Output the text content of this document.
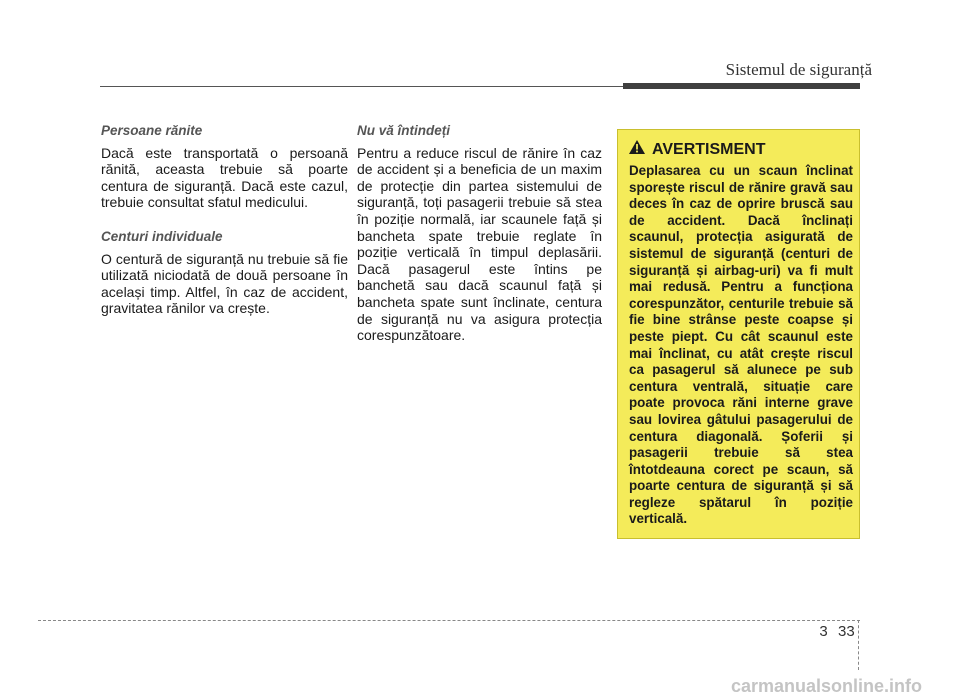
Sistemul de siguranță
Persoane rănite
Dacă este transportată o persoană rănită, aceasta trebuie să poarte centura de siguranță. Dacă este cazul, trebuie consultat sfatul medicului.
Centuri individuale
O centură de siguranță nu trebuie să fie utilizată niciodată de două persoane în același timp. Altfel, în caz de accident, gravitatea rănilor va crește.
Nu vă întindeți
Pentru a reduce riscul de rănire în caz de accident și a beneficia de un maxim de protecție din partea sistemului de siguranță, toți pasagerii trebuie să stea în poziție normală, iar scaunele față și bancheta spate trebuie reglate în poziție verticală în timpul deplasării. Dacă pasagerul este întins pe banchetă sau dacă scaunul față și bancheta spate sunt înclinate, centura de siguranță nu va asigura protecția corespunzătoare.
AVERTISMENT
Deplasarea cu un scaun înclinat sporește riscul de rănire gravă sau deces în caz de oprire bruscă sau de accident. Dacă înclinați scaunul, protecția asigurată de sistemul de siguranță (centuri de siguranță și airbag-uri) va fi mult mai redusă. Pentru a funcționa corespunzător, centurile trebuie să fie bine strânse peste coapse și peste piept. Cu cât scaunul este mai înclinat, cu atât crește riscul ca pasagerul să alunece pe sub centura ventrală, situație care poate provoca răni interne grave sau lovirea gâtului pasagerului de centura diagonală. Șoferii și pasagerii trebuie să stea întotdeauna corect pe scaun, să poarte centura de siguranță și să regleze spătarul în poziție verticală.
3 33
carmanualsonline.info
